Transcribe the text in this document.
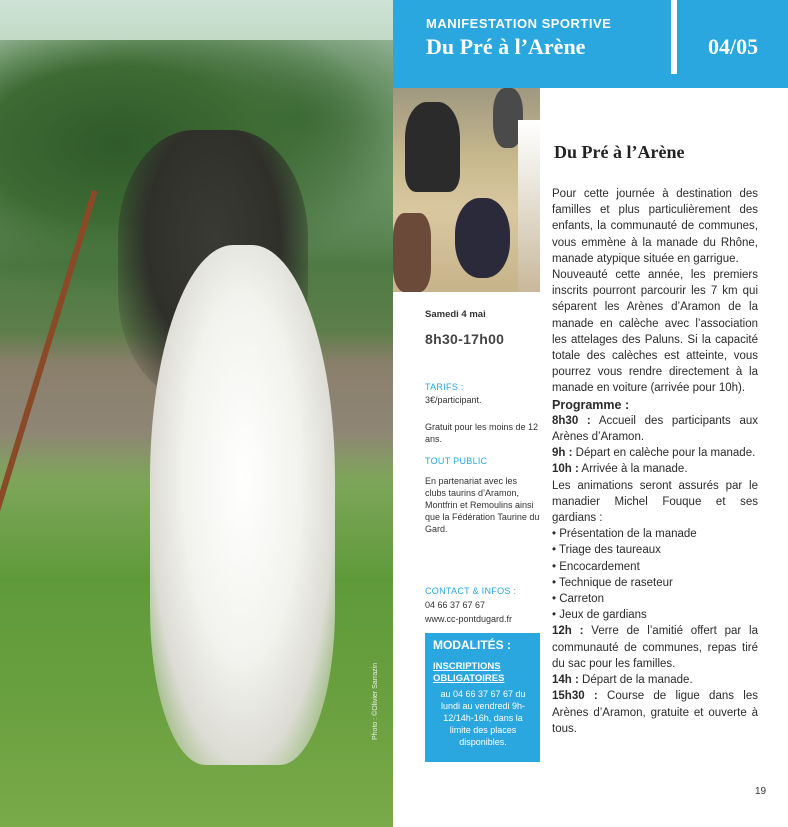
Photo : ©Olivier Sarrazin
MANIFESTATION SPORTIVE
Du Pré à l’Arène	04/05
Samedi 4 mai
8h30-17h00
TARIFS :
3€/participant.
Gratuit pour les moins de 12 ans.
TOUT PUBLIC
En partenariat avec les clubs taurins d’Aramon, Montfrin et Remoulins ainsi que la Fédération Taurine du Gard.
CONTACT & INFOS :
04 66 37 67 67
www.cc-pontdugard.fr
MODALITÉS :
INSCRIPTIONS OBLIGATOIRES
au 04 66 37 67 67 du lundi au vendredi 9h-12/14h-16h, dans la limite des places disponibles.
Du Pré à l’Arène

Pour cette journée à destination des familles et plus particulièrement des enfants, la communauté de communes, vous emmène à la manade du Rhône, manade atypique située en garrigue.

Nouveauté cette année, les premiers inscrits pourront parcourir les 7 km qui séparent les Arènes d’Aramon de la manade en calèche avec l’association les attelages des Paluns. Si la capacité totale des calèches est atteinte, vous pourrez vous rendre directement à la manade en voiture (arrivée pour 10h).

Programme :

8h30 : Accueil des participants aux Arènes d’Aramon.

9h : Départ en calèche pour la manade.

10h : Arrivée à la manade.

Les animations seront assurés par le manadier Michel Fouque et ses gardians :

• Présentation de la manade
• Triage des taureaux
• Encocardement
• Technique de raseteur
• Carreton
• Jeux de gardians

12h : Verre de l’amitié offert par la communauté de communes, repas tiré du sac pour les familles.

14h : Départ de la manade.

15h30 : Course de ligue dans les Arènes d’Aramon, gratuite et ouverte à tous.

19
